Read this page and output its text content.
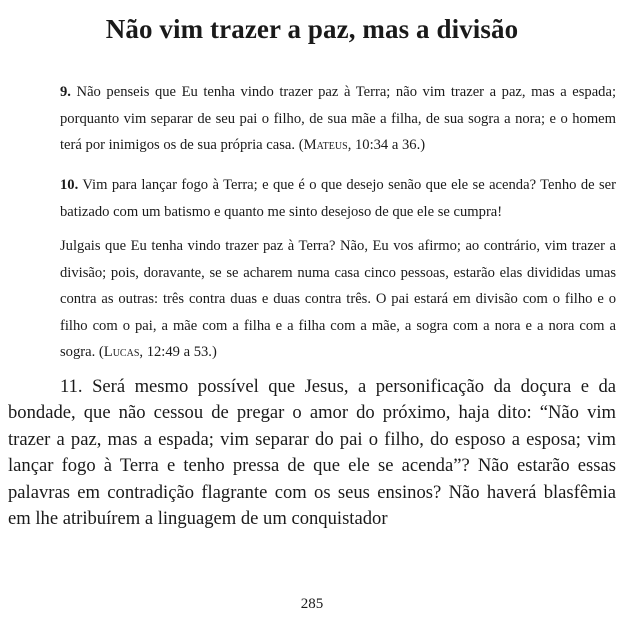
Não vim trazer a paz, mas a divisão

9. Não penseis que Eu tenha vindo trazer paz à Terra; não vim trazer a paz, mas a espada; porquanto vim separar de seu pai o filho, de sua mãe a filha, de sua sogra a nora; e o homem terá por inimigos os de sua própria casa. (Mateus, 10:34 a 36.)

10. Vim para lançar fogo à Terra; e que é o que desejo senão que ele se acenda? Tenho de ser batizado com um batismo e quanto me sinto desejoso de que ele se cumpra!

Julgais que Eu tenha vindo trazer paz à Terra? Não, Eu vos afirmo; ao contrário, vim trazer a divisão; pois, doravante, se se acharem numa casa cinco pessoas, estarão elas divididas umas contra as outras: três contra duas e duas contra três. O pai estará em divisão com o filho e o filho com o pai, a mãe com a filha e a filha com a mãe, a sogra com a nora e a nora com a sogra. (Lucas, 12:49 a 53.)

11. Será mesmo possível que Jesus, a personificação da doçura e da bondade, que não cessou de pregar o amor do próximo, haja dito: “Não vim trazer a paz, mas a espada; vim separar do pai o filho, do esposo a esposa; vim lançar fogo à Terra e tenho pressa de que ele se acenda”? Não estarão essas palavras em contradição flagrante com os seus ensinos? Não haverá blasfêmia em lhe atribuírem a linguagem de um conquistador

285
